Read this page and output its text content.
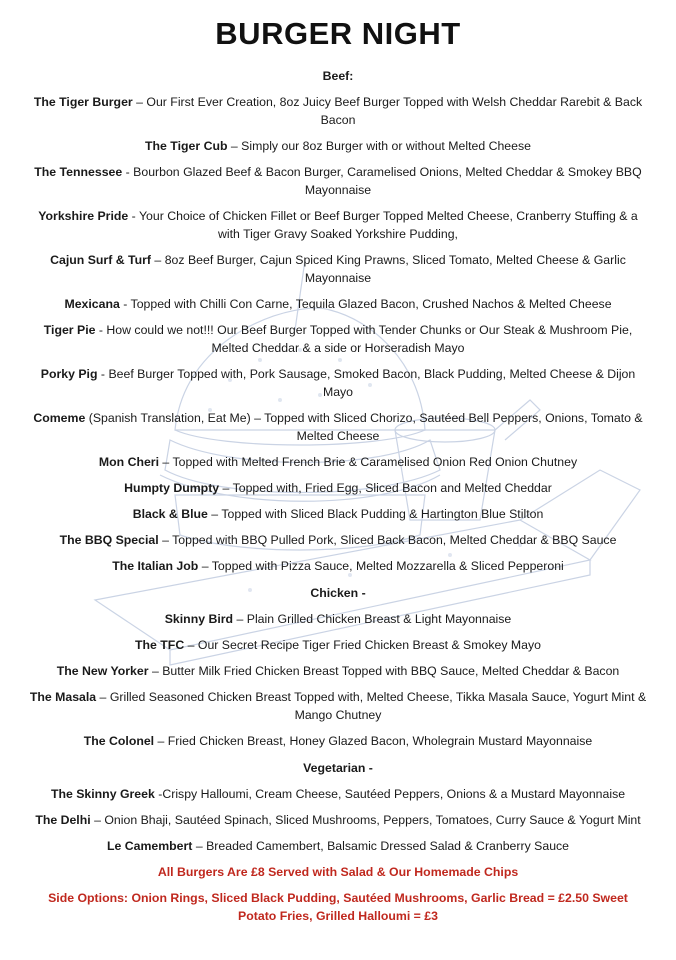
BURGER NIGHT

Beef:

The Tiger Burger – Our First Ever Creation, 8oz Juicy Beef Burger Topped with Welsh Cheddar Rarebit & Back Bacon

The Tiger Cub – Simply our 8oz Burger with or without Melted Cheese

The Tennessee - Bourbon Glazed Beef & Bacon Burger, Caramelised Onions, Melted Cheddar & Smokey BBQ Mayonnaise

Yorkshire Pride - Your Choice of Chicken Fillet or Beef Burger Topped Melted Cheese, Cranberry Stuffing & a with Tiger Gravy Soaked Yorkshire Pudding,

Cajun Surf & Turf – 8oz Beef Burger, Cajun Spiced King Prawns, Sliced Tomato, Melted Cheese & Garlic Mayonnaise

Mexicana - Topped with Chilli Con Carne, Tequila Glazed Bacon, Crushed Nachos & Melted Cheese

Tiger Pie - How could we not!!! Our Beef Burger Topped with Tender Chunks or Our Steak & Mushroom Pie, Melted Cheddar & a side or Horseradish Mayo

Porky Pig - Beef Burger Topped with, Pork Sausage, Smoked Bacon, Black Pudding, Melted Cheese & Dijon Mayo

Comeme (Spanish Translation, Eat Me) – Topped with Sliced Chorizo, Sautéed Bell Peppers, Onions, Tomato & Melted Cheese

Mon Cheri – Topped with Melted French Brie & Caramelised Onion Red Onion Chutney

Humpty Dumpty – Topped with, Fried Egg, Sliced Bacon and Melted Cheddar

Black & Blue – Topped with Sliced Black Pudding & Hartington Blue Stilton

The BBQ Special – Topped with BBQ Pulled Pork, Sliced Back Bacon, Melted Cheddar & BBQ Sauce

The Italian Job – Topped with Pizza Sauce, Melted Mozzarella & Sliced Pepperoni

Chicken -

Skinny Bird – Plain Grilled Chicken Breast & Light Mayonnaise

The TFC – Our Secret Recipe Tiger Fried Chicken Breast & Smokey Mayo

The New Yorker – Butter Milk Fried Chicken Breast Topped with BBQ Sauce, Melted Cheddar & Bacon

The Masala – Grilled Seasoned Chicken Breast Topped with, Melted Cheese, Tikka Masala Sauce, Yogurt Mint & Mango Chutney

The Colonel – Fried Chicken Breast, Honey Glazed Bacon, Wholegrain Mustard Mayonnaise

Vegetarian -

The Skinny Greek -Crispy Halloumi, Cream Cheese, Sautéed Peppers, Onions & a Mustard Mayonnaise

The Delhi – Onion Bhaji, Sautéed Spinach, Sliced Mushrooms, Peppers, Tomatoes, Curry Sauce & Yogurt Mint

Le Camembert – Breaded Camembert, Balsamic Dressed Salad & Cranberry Sauce

All Burgers Are £8 Served with Salad & Our Homemade Chips

Side Options: Onion Rings, Sliced Black Pudding, Sautéed Mushrooms, Garlic Bread = £2.50 Sweet Potato Fries, Grilled Halloumi = £3
